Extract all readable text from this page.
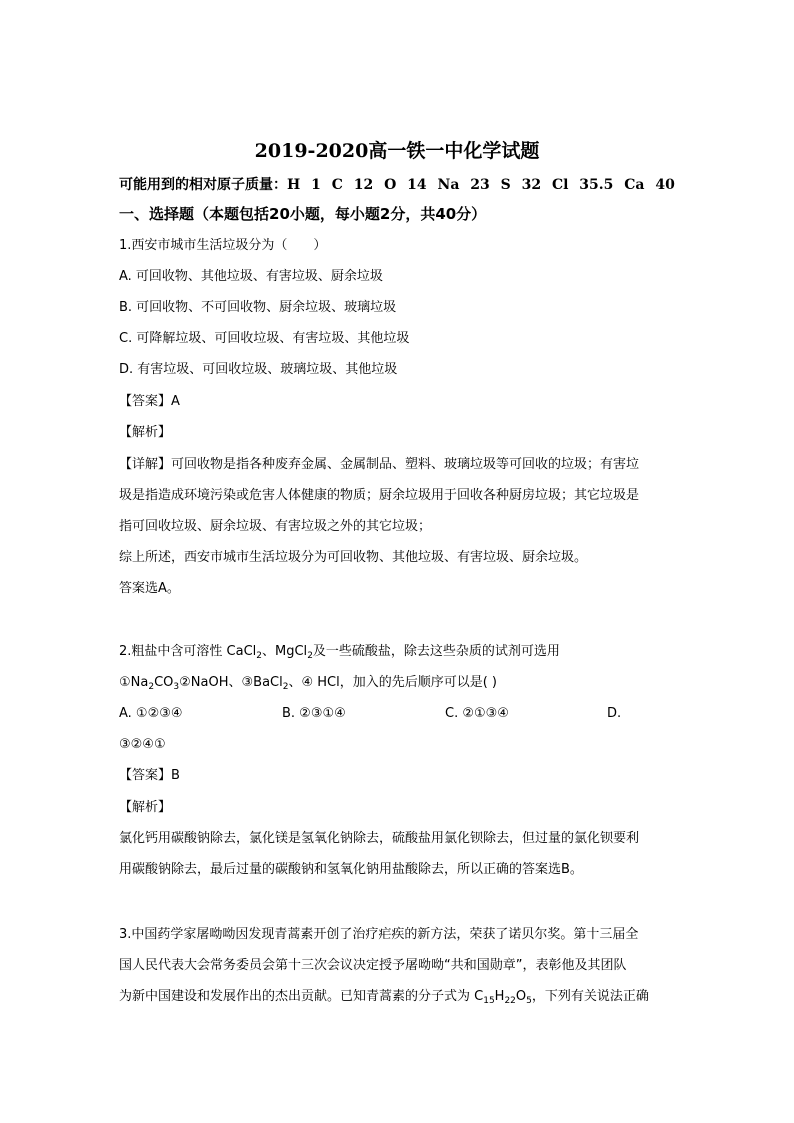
2019-2020高一铁一中化学试题
可能用到的相对原子质量：H 1 C 12 O 14 Na 23 S 32 Cl 35.5 Ca 40
一、选择题（本题包括20小题，每小题2分，共40分）
1.西安市城市生活垃圾分为（　　）
A. 可回收物、其他垃圾、有害垃圾、厨余垃圾
B. 可回收物、不可回收物、厨余垃圾、玻璃垃圾
C. 可降解垃圾、可回收垃圾、有害垃圾、其他垃圾
D. 有害垃圾、可回收垃圾、玻璃垃圾、其他垃圾
【答案】A
【解析】
【详解】可回收物是指各种废弃金属、金属制品、塑料、玻璃垃圾等可回收的垃圾；有害垃
圾是指造成环境污染或危害人体健康的物质；厨余垃圾用于回收各种厨房垃圾；其它垃圾是
指可回收垃圾、厨余垃圾、有害垃圾之外的其它垃圾；
综上所述，西安市城市生活垃圾分为可回收物、其他垃圾、有害垃圾、厨余垃圾。
答案选A。
2.粗盐中含可溶性 CaCl$_2$、MgCl$_2$及一些硫酸盐，除去这些杂质的试剂可选用
$①Na_2CO_3②NaOH$、③BaCl$_2$、④ HCl，加入的先后顺序可以是( )
A. ①②③④	B. ②③①④	C. ②①③④	D.
③②④①
【答案】B
【解析】
氯化钙用碳酸钠除去，氯化镁是氢氧化钠除去，硫酸盐用氯化钡除去，但过量的氯化钡要利
用碳酸钠除去，最后过量的碳酸钠和氢氧化钠用盐酸除去，所以正确的答案选B。
3.中国药学家屠呦呦因发现青蒿素开创了治疗疟疾的新方法，荣获了诺贝尔奖。第十三届全
国人民代表大会常务委员会第十三次会议决定授予屠呦呦“共和国勋章”，表彰他及其团队
为新中国建设和发展作出的杰出贡献。已知青蒿素的分子式为 $C_{15}H_{22}O_5$，下列有关说法正确
